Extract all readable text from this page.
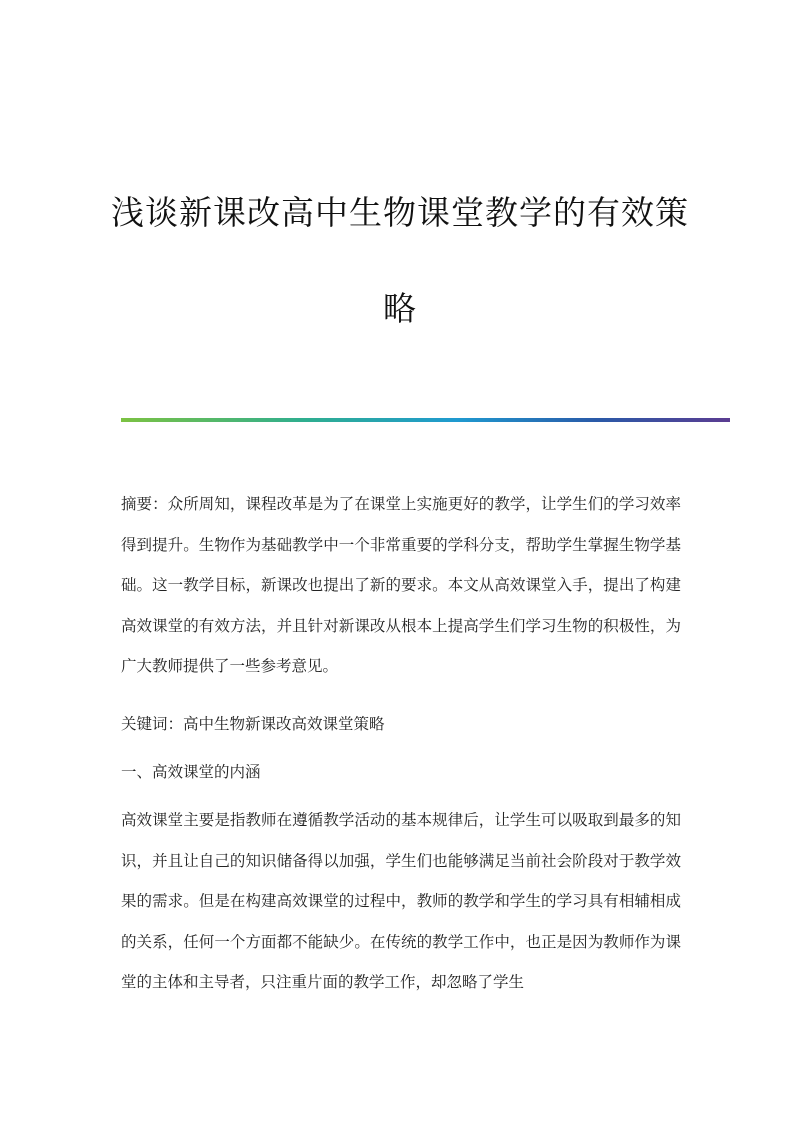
浅谈新课改高中生物课堂教学的有效策
略

摘要：众所周知，课程改革是为了在课堂上实施更好的教学，让学生们的学习效率得到提升。生物作为基础教学中一个非常重要的学科分支，帮助学生掌握生物学基础。这一教学目标，新课改也提出了新的要求。本文从高效课堂入手，提出了构建高效课堂的有效方法，并且针对新课改从根本上提高学生们学习生物的积极性，为广大教师提供了一些参考意见。

关键词：高中生物新课改高效课堂策略

一、高效课堂的内涵

高效课堂主要是指教师在遵循教学活动的基本规律后，让学生可以吸取到最多的知识，并且让自己的知识储备得以加强，学生们也能够满足当前社会阶段对于教学效果的需求。但是在构建高效课堂的过程中，教师的教学和学生的学习具有相辅相成的关系，任何一个方面都不能缺少。在传统的教学工作中，也正是因为教师作为课堂的主体和主导者，只注重片面的教学工作，却忽略了学生
